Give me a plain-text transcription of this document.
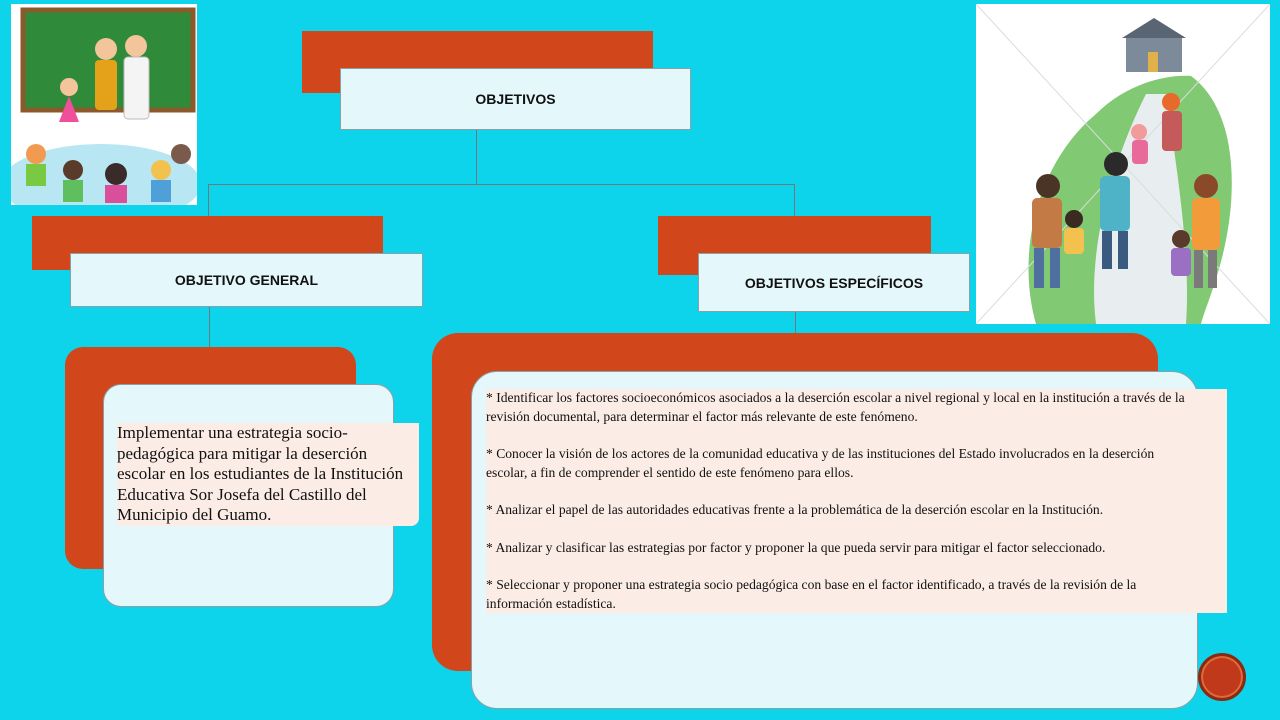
OBJETIVOS
OBJETIVO GENERAL	OBJETIVOS ESPECÍFICOS
Implementar una estrategia socio-pedagógica para mitigar la deserción escolar en los estudiantes de la Institución Educativa Sor Josefa del Castillo del Municipio del Guamo.

* Identificar los factores socioeconómicos asociados a la deserción escolar a nivel regional y local en la institución a través de la revisión documental, para determinar el factor más relevante de este fenómeno.

* Conocer la visión de los actores de la comunidad educativa y de las instituciones del Estado involucrados en la deserción escolar, a fin de comprender el sentido de este fenómeno para ellos.

* Analizar el papel de las autoridades educativas frente a la problemática de la deserción escolar en la Institución.

* Analizar y clasificar las estrategias por factor y proponer la que pueda servir para mitigar el factor seleccionado.

* Seleccionar y proponer una estrategia socio pedagógica con base en el factor identificado, a través de la revisión de la información estadística.
